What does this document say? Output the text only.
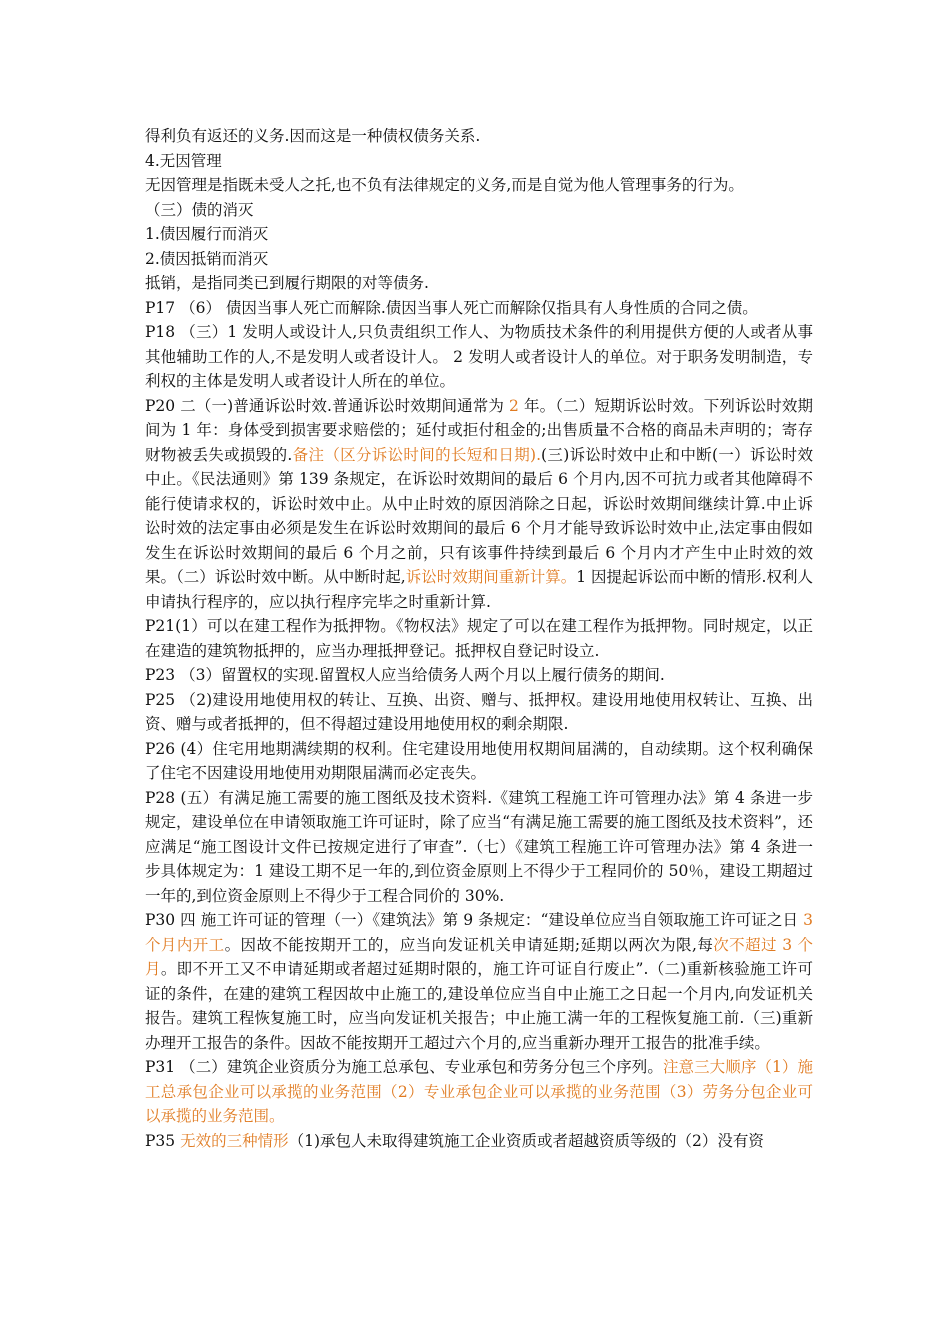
得利负有返还的义务.因而这是一种债权债务关系.

4.无因管理

无因管理是指既未受人之托,也不负有法律规定的义务,而是自觉为他人管理事务的行为。

（三）债的消灭

1.债因履行而消灭

2.债因抵销而消灭

抵销，是指同类已到履行期限的对等债务.

P17 （6） 债因当事人死亡而解除.债因当事人死亡而解除仅指具有人身性质的合同之债。

P18 （三）1 发明人或设计人,只负责组织工作人、为物质技术条件的利用提供方便的人或者从事其他辅助工作的人,不是发明人或者设计人。 2 发明人或者设计人的单位。对于职务发明制造，专利权的主体是发明人或者设计人所在的单位。

P20 二（一)普通诉讼时效.普通诉讼时效期间通常为 2 年。（二）短期诉讼时效。下列诉讼时效期间为 1 年：身体受到损害要求赔偿的；延付或拒付租金的;出售质量不合格的商品未声明的；寄存财物被丢失或损毁的.备注（区分诉讼时间的长短和日期).(三)诉讼时效中止和中断(一）诉讼时效中止。《民法通则》第 139 条规定，在诉讼时效期间的最后 6 个月内,因不可抗力或者其他障碍不能行使请求权的，诉讼时效中止。从中止时效的原因消除之日起，诉讼时效期间继续计算.中止诉讼时效的法定事由必须是发生在诉讼时效期间的最后 6 个月才能导致诉讼时效中止,法定事由假如发生在诉讼时效期间的最后 6 个月之前，只有该事件持续到最后 6 个月内才产生中止时效的效果。（二）诉讼时效中断。从中断时起,诉讼时效期间重新计算。1 因提起诉讼而中断的情形.权利人申请执行程序的，应以执行程序完毕之时重新计算.

P21(1）可以在建工程作为抵押物。《物权法》规定了可以在建工程作为抵押物。同时规定，以正在建造的建筑物抵押的，应当办理抵押登记。抵押权自登记时设立.

P23 （3）留置权的实现.留置权人应当给债务人两个月以上履行债务的期间.

P25 （2)建设用地使用权的转让、互换、出资、赠与、抵押权。建设用地使用权转让、互换、出资、赠与或者抵押的，但不得超过建设用地使用权的剩余期限.

P26 (4）住宅用地期满续期的权利。住宅建设用地使用权期间届满的，自动续期。这个权利确保了住宅不因建设用地使用劝期限届满而必定丧失。

P28 (五）有满足施工需要的施工图纸及技术资料.《建筑工程施工许可管理办法》第 4 条进一步规定，建设单位在申请领取施工许可证时，除了应当“有满足施工需要的施工图纸及技术资料”，还应满足“施工图设计文件已按规定进行了审查”.（七）《建筑工程施工许可管理办法》第 4 条进一步具体规定为：1 建设工期不足一年的,到位资金原则上不得少于工程同价的 50％，建设工期超过一年的,到位资金原则上不得少于工程合同价的 30%.

P30 四 施工许可证的管理（一）《建筑法》第 9 条规定：“建设单位应当自领取施工许可证之日 3 个月内开工。因故不能按期开工的，应当向发证机关申请延期;延期以两次为限,每次不超过 3 个月。即不开工又不申请延期或者超过延期时限的，施工许可证自行废止”.（二)重新核验施工许可证的条件，在建的建筑工程因故中止施工的,建设单位应当自中止施工之日起一个月内,向发证机关报告。建筑工程恢复施工时，应当向发证机关报告；中止施工满一年的工程恢复施工前.（三)重新办理开工报告的条件。因故不能按期开工超过六个月的,应当重新办理开工报告的批准手续。

P31 （二）建筑企业资质分为施工总承包、专业承包和劳务分包三个序列。注意三大顺序（1）施工总承包企业可以承揽的业务范围（2）专业承包企业可以承揽的业务范围（3）劳务分包企业可以承揽的业务范围。

P35 无效的三种情形（1)承包人未取得建筑施工企业资质或者超越资质等级的（2）没有资
